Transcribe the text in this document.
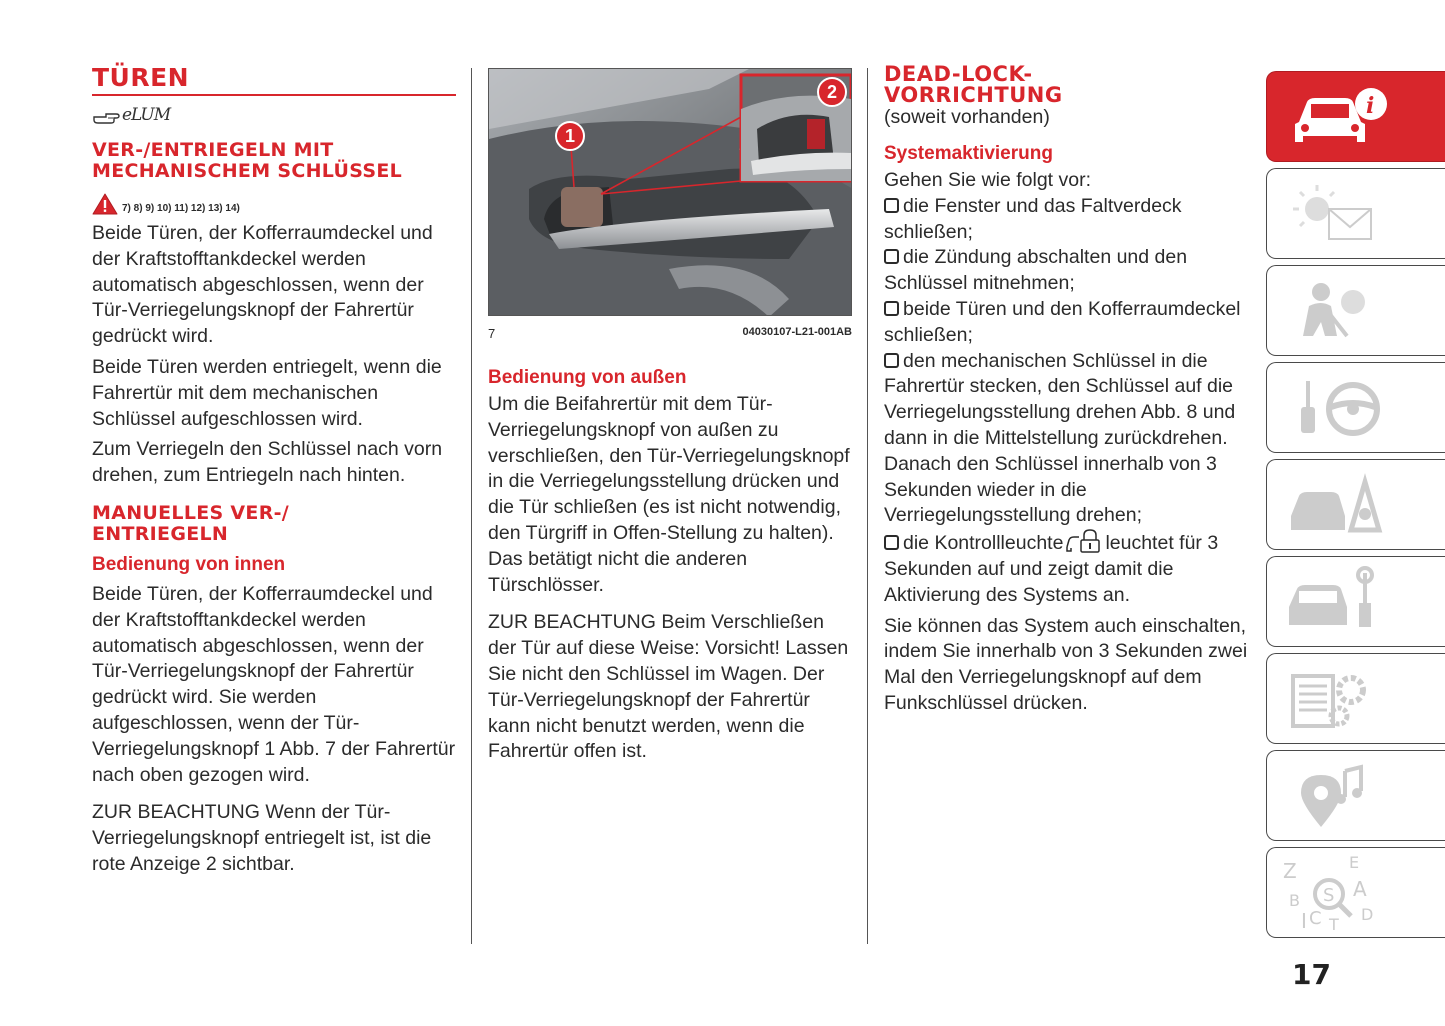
TÜREN
eLUM
VER-/ENTRIEGELN MIT MECHANISCHEM SCHLÜSSEL
7) 8) 9) 10) 11) 12) 13) 14)

Beide Türen, der Kofferraumdeckel und der Kraftstofftankdeckel werden automatisch abgeschlossen, wenn der Tür-Verriegelungsknopf der Fahrertür gedrückt wird.

Beide Türen werden entriegelt, wenn die Fahrertür mit dem mechanischen Schlüssel aufgeschlossen wird.

Zum Verriegeln den Schlüssel nach vorn drehen, zum Entriegeln nach hinten.

MANUELLES VER-/ ENTRIEGELN
Bedienung von innen

Beide Türen, der Kofferraumdeckel und der Kraftstofftankdeckel werden automatisch abgeschlossen, wenn der Tür-Verriegelungsknopf der Fahrertür gedrückt wird. Sie werden aufgeschlossen, wenn der Tür-Verriegelungsknopf 1 Abb. 7 der Fahrertür nach oben gezogen wird.

ZUR BEACHTUNG Wenn der Tür-Verriegelungsknopf entriegelt ist, ist die rote Anzeige 2 sichtbar.

1
2
7	04030107-L21-001AB
Bedienung von außen

Um die Beifahrertür mit dem Tür-Verriegelungsknopf von außen zu verschließen, den Tür-Verriegelungsknopf in die Verriegelungsstellung drücken und die Tür schließen (es ist nicht notwendig, den Türgriff in Offen-Stellung zu halten). Das betätigt nicht die anderen Türschlösser.

ZUR BEACHTUNG Beim Verschließen der Tür auf diese Weise: Vorsicht! Lassen Sie nicht den Schlüssel im Wagen. Der Tür-Verriegelungsknopf der Fahrertür kann nicht benutzt werden, wenn die Fahrertür offen ist.

DEAD-LOCK-
VORRICHTUNG

(soweit vorhanden)

Systemaktivierung

Gehen Sie wie folgt vor:

die Fenster und das Faltverdeck schließen;

die Zündung abschalten und den Schlüssel mitnehmen;

beide Türen und den Kofferraumdeckel schließen;

den mechanischen Schlüssel in die Fahrertür stecken, den Schlüssel auf die Verriegelungsstellung drehen Abb. 8 und dann in die Mittelstellung zurückdrehen. Danach den Schlüssel innerhalb von 3 Sekunden wieder in die Verriegelungsstellung drehen;

die Kontrollleuchte leuchtet für 3 Sekunden auf und zeigt damit die Aktivierung des Systems an.

Sie können das System auch einschalten, indem Sie innerhalb von 3 Sekunden zwei Mal den Verriegelungsknopf auf dem Funkschlüssel drücken.

i
Z	E
A
B
I C T
D
S
17
